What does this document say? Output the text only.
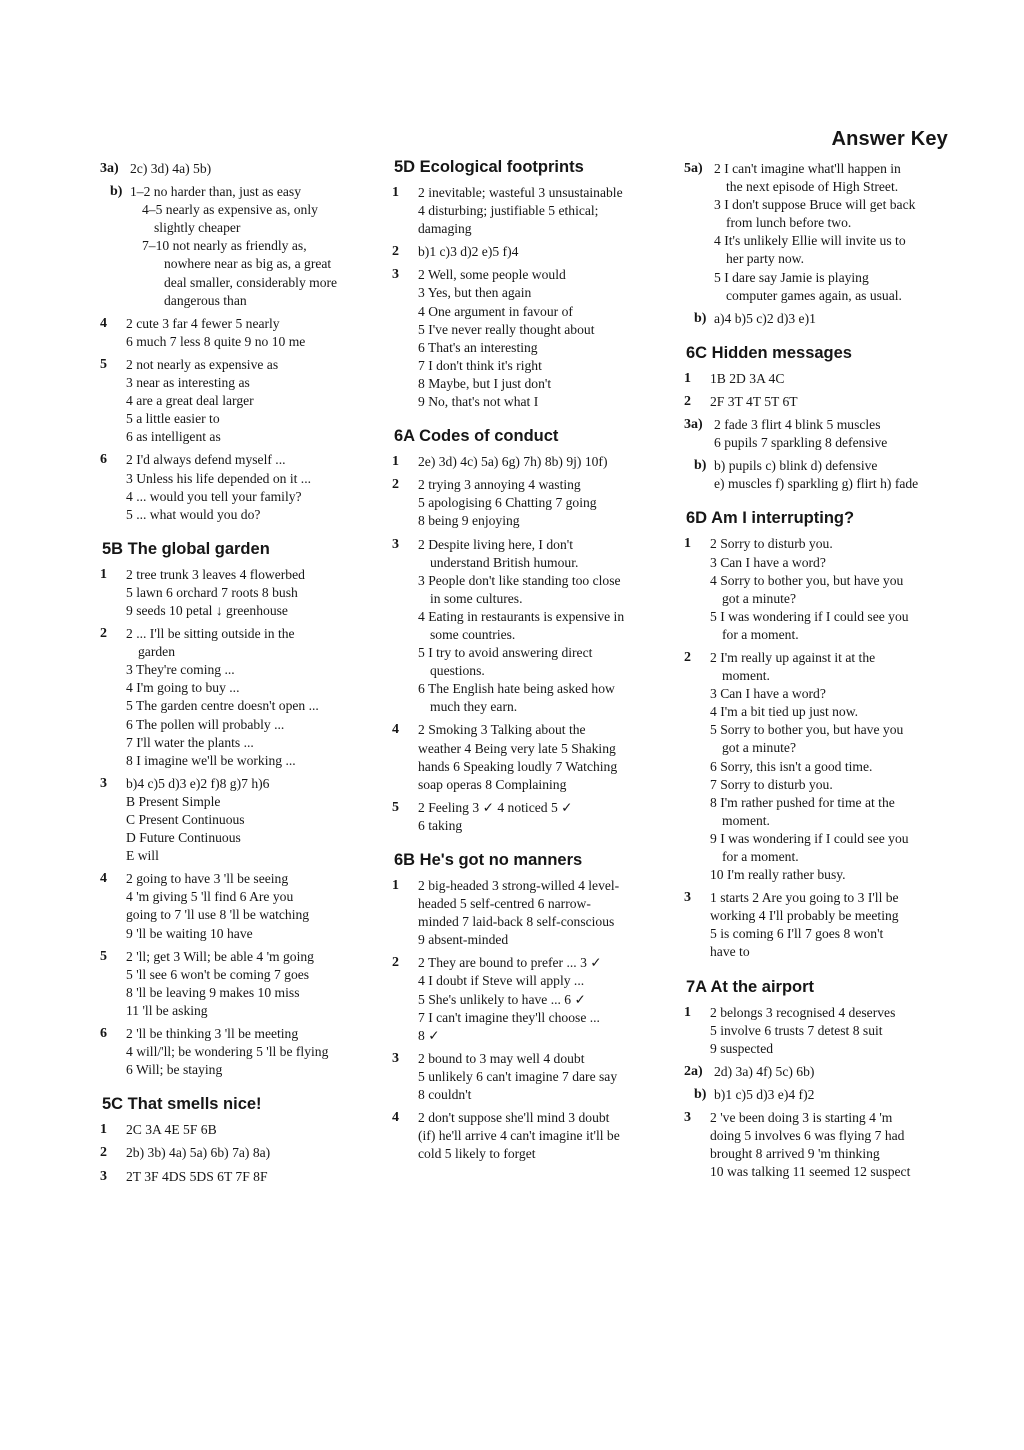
Answer Key
3a) 2c) 3d) 4a) 5b)
b) 1–2 no harder than, just as easy
4–5 nearly as expensive as, only
slightly cheaper
7–10 not nearly as friendly as,
nowhere near as big as, a great
deal smaller, considerably more
dangerous than
4	2 cute 3 far 4 fewer 5 nearly
6 much 7 less 8 quite 9 no 10 me
5	2 not nearly as expensive as
3 near as interesting as
4 are a great deal larger
5 a little easier to
6 as intelligent as
6	2 I'd always defend myself ...
3 Unless his life depended on it ...
4 ... would you tell your family?
5 ... what would you do?
5B The global garden
1	2 tree trunk 3 leaves 4 flowerbed
5 lawn 6 orchard 7 roots 8 bush
9 seeds 10 petal ↓ greenhouse
2	2 ... I'll be sitting outside in the
garden
3 They're coming ...
4 I'm going to buy ...
5 The garden centre doesn't open ...
6 The pollen will probably ...
7 I'll water the plants ...
8 I imagine we'll be working ...
3	b)4 c)5 d)3 e)2 f)8 g)7 h)6
B Present Simple
C Present Continuous
D Future Continuous
E will
4	2 going to have 3 'll be seeing
4 'm giving 5 'll find 6 Are you
going to 7 'll use 8 'll be watching
9 'll be waiting 10 have
5	2 'll; get 3 Will; be able 4 'm going
5 'll see 6 won't be coming 7 goes
8 'll be leaving 9 makes 10 miss
11 'll be asking
6	2 'll be thinking 3 'll be meeting
4 will/'ll; be wondering 5 'll be flying
6 Will; be staying
5C That smells nice!
1	2C 3A 4E 5F 6B
2	2b) 3b) 4a) 5a) 6b) 7a) 8a)
3	2T 3F 4DS 5DS 6T 7F 8F
5D Ecological footprints
1	2 inevitable; wasteful 3 unsustainable
4 disturbing; justifiable 5 ethical;
damaging
2	b)1 c)3 d)2 e)5 f)4
3	2 Well, some people would
3 Yes, but then again
4 One argument in favour of
5 I've never really thought about
6 That's an interesting
7 I don't think it's right
8 Maybe, but I just don't
9 No, that's not what I
6A Codes of conduct
1	2e) 3d) 4c) 5a) 6g) 7h) 8b) 9j) 10f)
2	2 trying 3 annoying 4 wasting
5 apologising 6 Chatting 7 going
8 being 9 enjoying
3	2 Despite living here, I don't
understand British humour.
3 People don't like standing too close
in some cultures.
4 Eating in restaurants is expensive in
some countries.
5 I try to avoid answering direct
questions.
6 The English hate being asked how
much they earn.
4	2 Smoking 3 Talking about the
weather 4 Being very late 5 Shaking
hands 6 Speaking loudly 7 Watching
soap operas 8 Complaining
5	2 Feeling 3 ✓ 4 noticed 5 ✓
6 taking
6B He's got no manners
1	2 big-headed 3 strong-willed 4 level-
headed 5 self-centred 6 narrow-
minded 7 laid-back 8 self-conscious
9 absent-minded
2	2 They are bound to prefer ... 3 ✓
4 I doubt if Steve will apply ...
5 She's unlikely to have ... 6 ✓
7 I can't imagine they'll choose ...
8 ✓
3	2 bound to 3 may well 4 doubt
5 unlikely 6 can't imagine 7 dare say
8 couldn't
4	2 don't suppose she'll mind 3 doubt
(if) he'll arrive 4 can't imagine it'll be
cold 5 likely to forget
5a) 2 I can't imagine what'll happen in
the next episode of High Street.
3 I don't suppose Bruce will get back
from lunch before two.
4 It's unlikely Ellie will invite us to
her party now.
5 I dare say Jamie is playing
computer games again, as usual.
b) a)4 b)5 c)2 d)3 e)1
6C Hidden messages
1	1B 2D 3A 4C
2	2F 3T 4T 5T 6T
3a) 2 fade 3 flirt 4 blink 5 muscles
6 pupils 7 sparkling 8 defensive
b) b) pupils c) blink d) defensive
e) muscles f) sparkling g) flirt h) fade
6D Am I interrupting?
1	2 Sorry to disturb you.
3 Can I have a word?
4 Sorry to bother you, but have you
got a minute?
5 I was wondering if I could see you
for a moment.
2	2 I'm really up against it at the
moment.
3 Can I have a word?
4 I'm a bit tied up just now.
5 Sorry to bother you, but have you
got a minute?
6 Sorry, this isn't a good time.
7 Sorry to disturb you.
8 I'm rather pushed for time at the
moment.
9 I was wondering if I could see you
for a moment.
10 I'm really rather busy.
3	1 starts 2 Are you going to 3 I'll be
working 4 I'll probably be meeting
5 is coming 6 I'll 7 goes 8 won't
have to
7A At the airport
1	2 belongs 3 recognised 4 deserves
5 involve 6 trusts 7 detest 8 suit
9 suspected
2a) 2d) 3a) 4f) 5c) 6b)
b) b)1 c)5 d)3 e)4 f)2
3	2 've been doing 3 is starting 4 'm
doing 5 involves 6 was flying 7 had
brought 8 arrived 9 'm thinking
10 was talking 11 seemed 12 suspect
